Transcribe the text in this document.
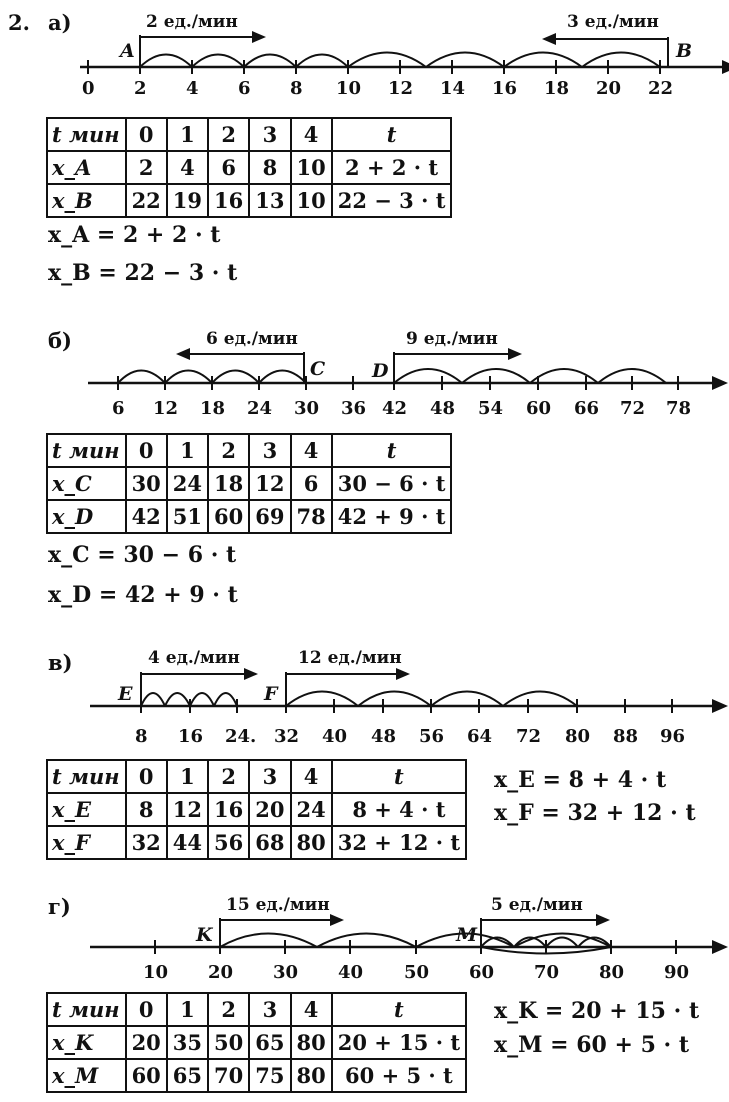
2. а)
A	B
2 ед./мин	3 ед./мин
0 2 4 6 8 10 12 14 16 18 20 22
t мин	0	1	2	3	4	t
x_A	2	4	6	8	10	2 + 2 · t
x_B	22	19	16	13	10	22 − 3 · t
x_A = 2 + 2 · t
x_B = 22 − 3 · t
б)
C D
6 ед./мин	9 ед./мин
6 12 18 24 30 36 42 48 54 60 66 72 78
t мин	0	1	2	3	4	t
x_C	30	24	18	12	6	30 − 6 · t
x_D	42	51	60	69	78	42 + 9 · t
x_C = 30 − 6 · t
x_D = 42 + 9 · t
в)
E	F
4 ед./мин	12 ед./мин
8 16 24. 32 40 48 56 64 72 80 88 96
t мин	0	1	2	3	4	t
x_E	8	12	16	20	24	8 + 4 · t
x_F	32	44	56	68	80	32 + 12 · t
x_E = 8 + 4 · t
x_F = 32 + 12 · t
г)
K	M
15 ед./мин	5 ед./мин
10 20 30 40 50 60 70 80 90
t мин	0	1	2	3	4	t
x_K	20	35	50	65	80	20 + 15 · t
x_M	60	65	70	75	80	60 + 5 · t
x_K = 20 + 15 · t
x_M = 60 + 5 · t
